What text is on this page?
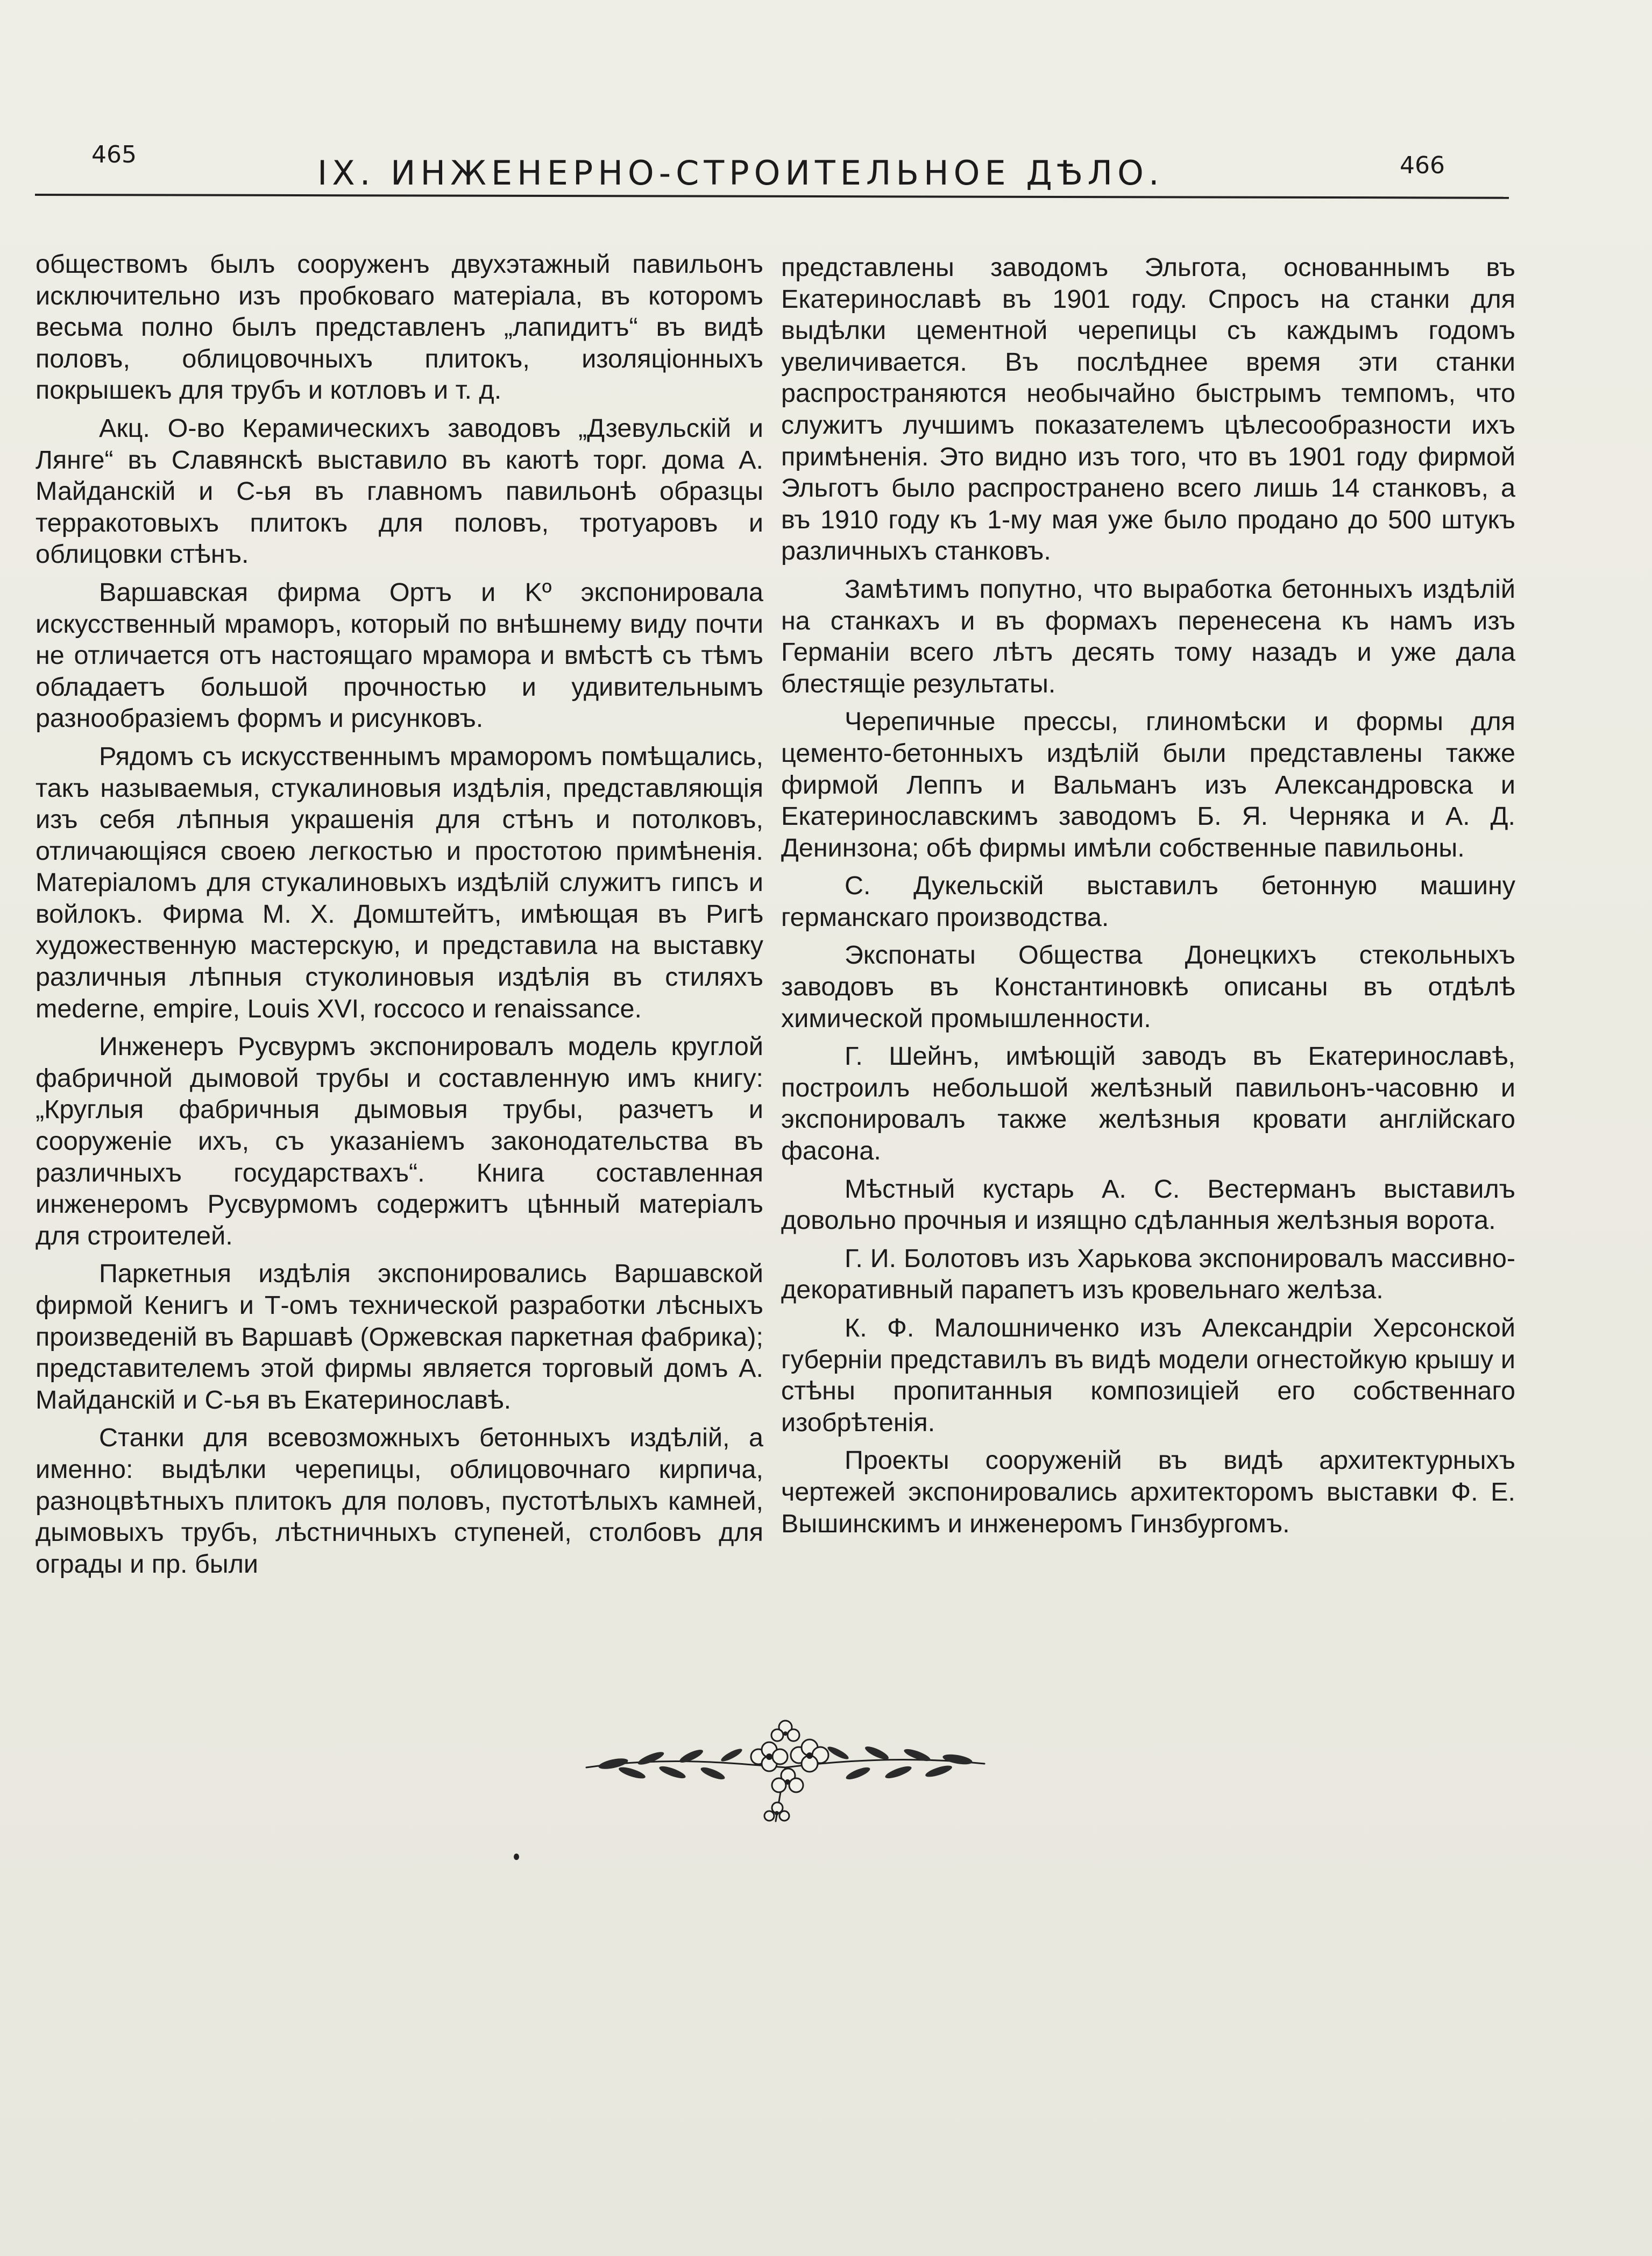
465	IX. ИНЖЕНЕРНО-СТРОИТЕЛЬНОЕ ДѢЛО.	466

обществомъ былъ сооруженъ двухэтажный павильонъ исключительно изъ пробковаго матеріала, въ которомъ весьма полно былъ представленъ „лапидитъ“ въ видѣ половъ, облицовочныхъ плитокъ, изоляціонныхъ покрышекъ для трубъ и котловъ и т. д.

Акц. О-во Керамическихъ заводовъ „Дзевульскій и Лянге“ въ Славянскѣ выставило въ каютѣ торг. дома А. Майданскій и С-ья въ главномъ павильонѣ образцы терракотовыхъ плитокъ для половъ, тротуаровъ и облицовки стѣнъ.

Варшавская фирма Ортъ и Kº экспонировала искусственный мраморъ, который по внѣшнему виду почти не отличается отъ настоящаго мрамора и вмѣстѣ съ тѣмъ обладаетъ большой прочностью и удивительнымъ разнообразіемъ формъ и рисунковъ.

Рядомъ съ искусственнымъ мраморомъ помѣщались, такъ называемыя, стукалиновыя издѣлія, представляющія изъ себя лѣпныя украшенія для стѣнъ и потолковъ, отличающіяся своею легкостью и простотою примѣненія. Матеріаломъ для стукалиновыхъ издѣлій служитъ гипсъ и войлокъ. Фирма М. Х. Домштейтъ, имѣющая въ Ригѣ художественную мастерскую, и представила на выставку различныя лѣпныя стуколиновыя издѣлія въ стиляхъ mederne, empire, Louis XVI, roccoco и renaissance.

Инженеръ Русвурмъ экспонировалъ модель круглой фабричной дымовой трубы и составленную имъ книгу: „Круглыя фабричныя дымовыя трубы, разчетъ и сооруженіе ихъ, съ указаніемъ законодательства въ различныхъ государствахъ“. Книга составленная инженеромъ Русвурмомъ содержитъ цѣнный матеріалъ для строителей.

Паркетныя издѣлія экспонировались Варшавской фирмой Кенигъ и Т-омъ технической разработки лѣсныхъ произведеній въ Варшавѣ (Оржевская паркетная фабрика); представителемъ этой фирмы является торговый домъ А. Майданскій и С-ья въ Екатеринославѣ.

Станки для всевозможныхъ бетонныхъ издѣлій, а именно: выдѣлки черепицы, облицовочнаго кирпича, разноцвѣтныхъ плитокъ для половъ, пустотѣлыхъ камней, дымовыхъ трубъ, лѣстничныхъ ступеней, столбовъ для ограды и пр. были

представлены заводомъ Эльгота, основаннымъ въ Екатеринославѣ въ 1901 году. Спросъ на станки для выдѣлки цементной черепицы съ каждымъ годомъ увеличивается. Въ послѣднее время эти станки распространяются необычайно быстрымъ темпомъ, что служитъ лучшимъ показателемъ цѣлесообразности ихъ примѣненія. Это видно изъ того, что въ 1901 году фирмой Эльготъ было распространено всего лишь 14 станковъ, а въ 1910 году къ 1-му мая уже было продано до 500 штукъ различныхъ станковъ.

Замѣтимъ попутно, что выработка бетонныхъ издѣлій на станкахъ и въ формахъ перенесена къ намъ изъ Германіи всего лѣтъ десять тому назадъ и уже дала блестящіе результаты.

Черепичные прессы, глиномѣски и формы для цементо-бетонныхъ издѣлій были представлены также фирмой Леппъ и Вальманъ изъ Александровска и Екатеринославскимъ заводомъ Б. Я. Черняка и А. Д. Денинзона; обѣ фирмы имѣли собственные павильоны.

С. Дукельскій выставилъ бетонную машину германскаго производства.

Экспонаты Общества Донецкихъ стекольныхъ заводовъ въ Константиновкѣ описаны въ отдѣлѣ химической промышленности.

Г. Шейнъ, имѣющій заводъ въ Екатеринославѣ, построилъ небольшой желѣзный павильонъ-часовню и экспонировалъ также желѣзныя кровати англійскаго фасона.

Мѣстный кустарь А. С. Вестерманъ выставилъ довольно прочныя и изящно сдѣланныя желѣзныя ворота.

Г. И. Болотовъ изъ Харькова экспонировалъ массивно-декоративный парапетъ изъ кровельнаго желѣза.

К. Ф. Малошниченко изъ Александріи Херсонской губерніи представилъ въ видѣ модели огнестойкую крышу и стѣны пропитанныя композиціей его собственнаго изобрѣтенія.

Проекты сооруженій въ видѣ архитектурныхъ чертежей экспонировались архитекторомъ выставки Ф. Е. Вышинскимъ и инженеромъ Гинзбургомъ.
